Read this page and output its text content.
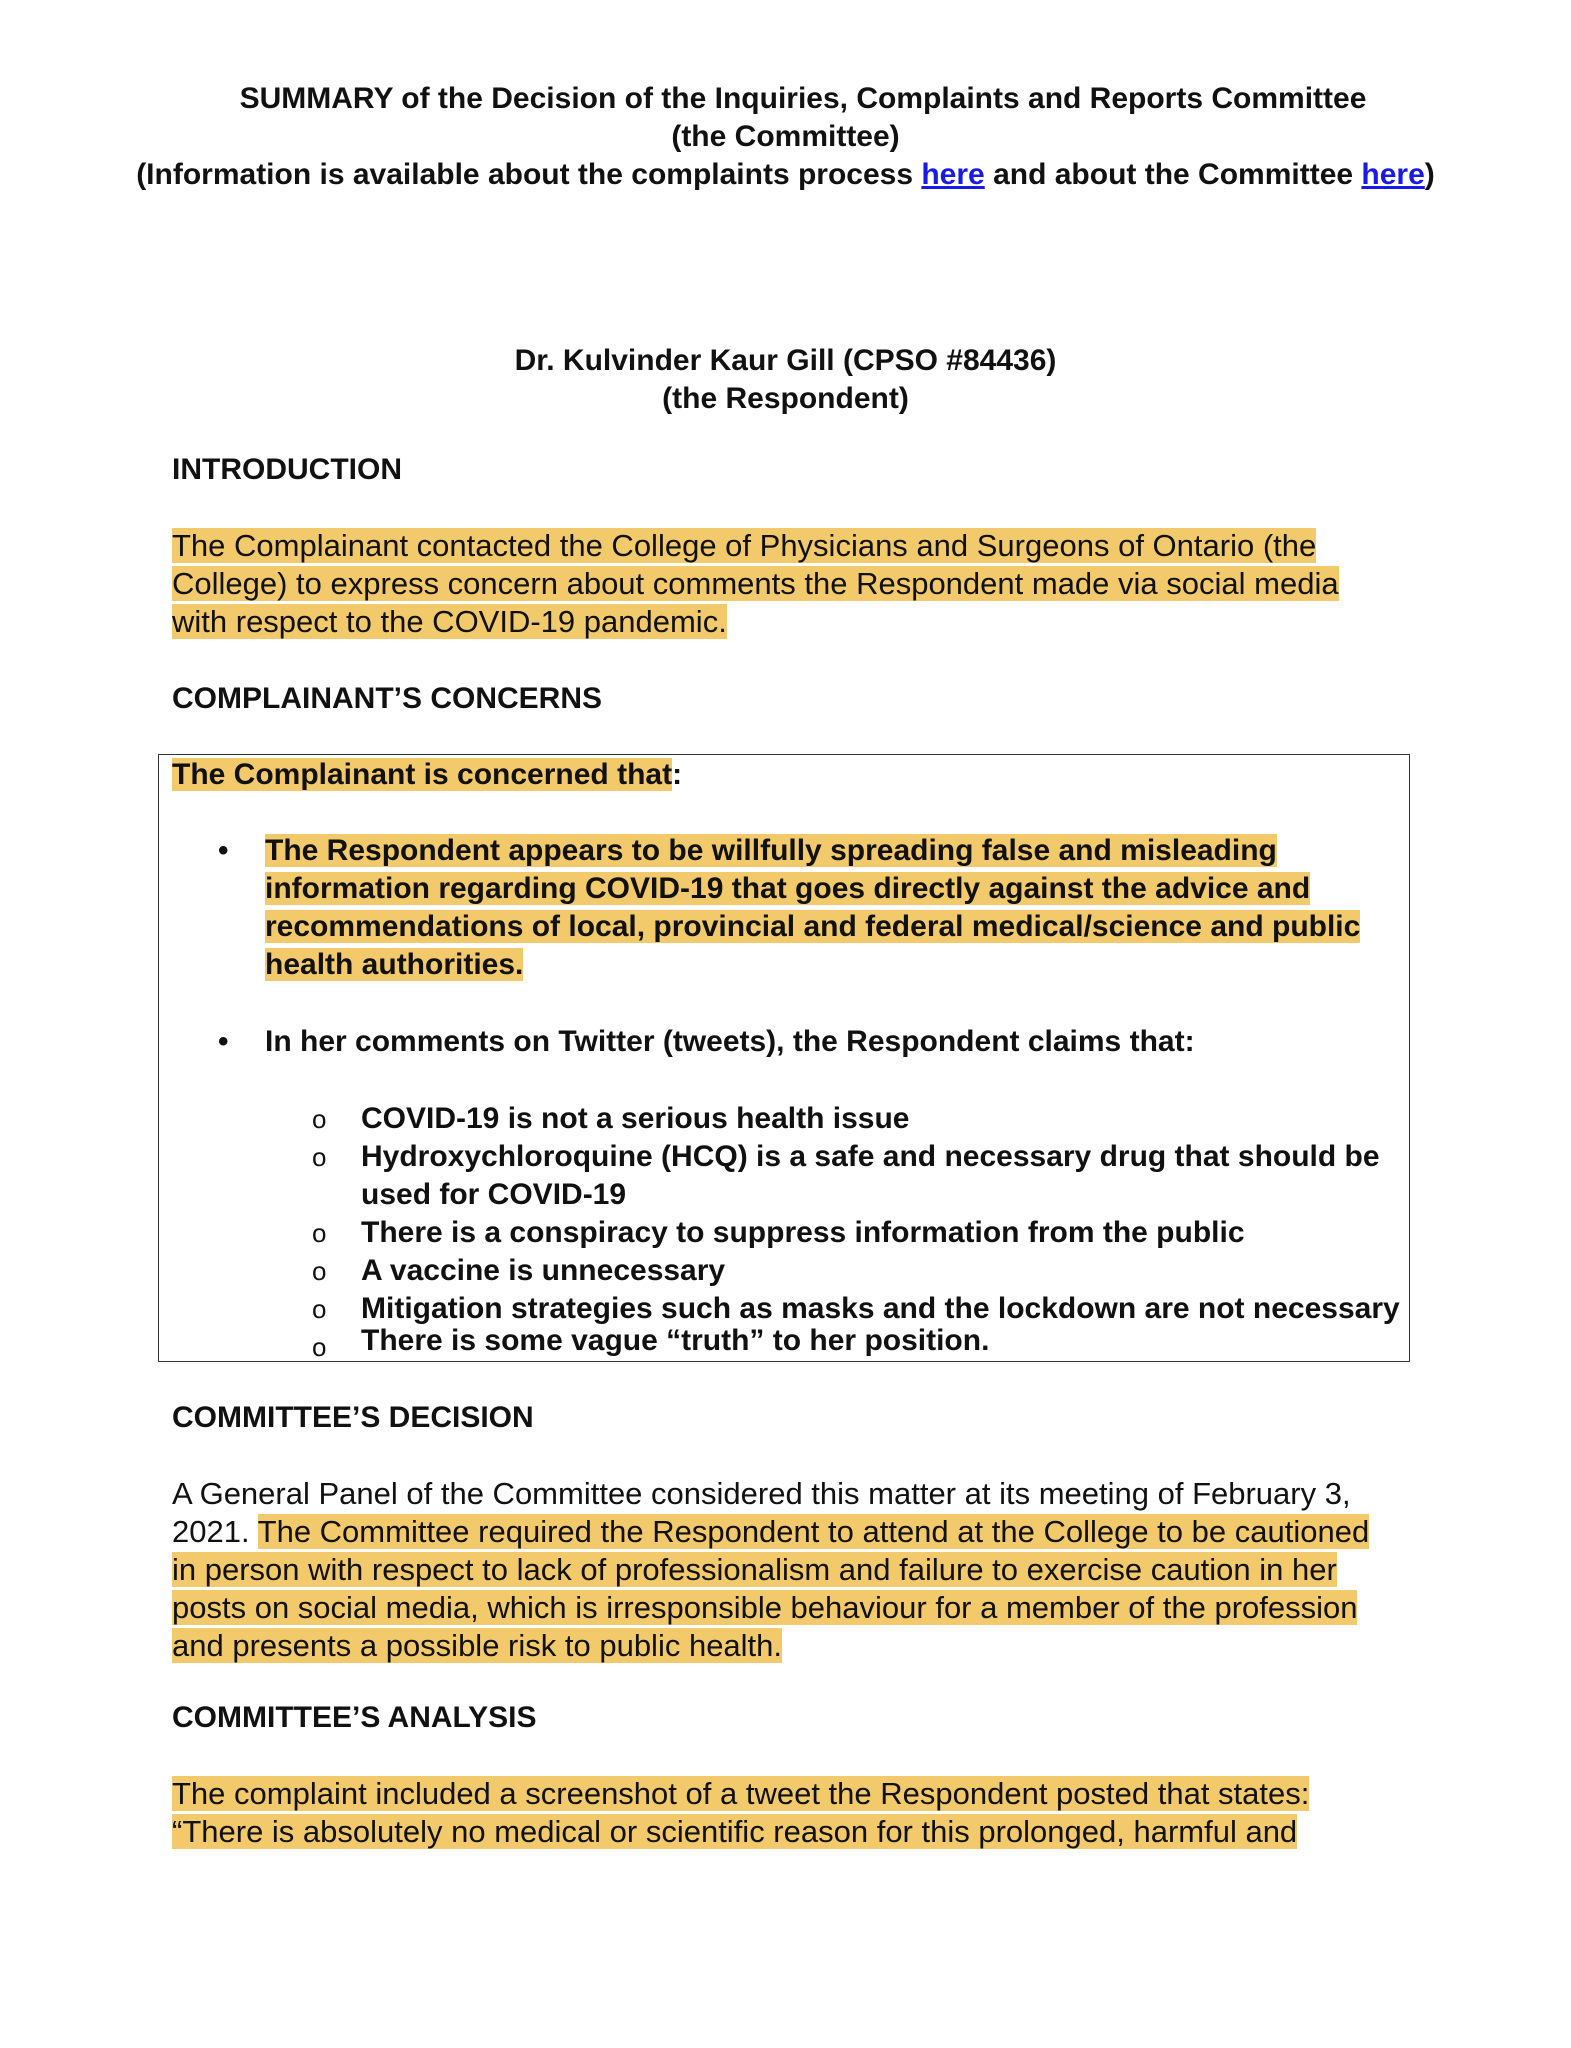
SUMMARY of the Decision of the Inquiries, Complaints and Reports Committee
(the Committee)
(Information is available about the complaints process here and about the Committee here)
Dr. Kulvinder Kaur Gill (CPSO #84436)
(the Respondent)
INTRODUCTION
The Complainant contacted the College of Physicians and Surgeons of Ontario (the
College) to express concern about comments the Respondent made via social media
with respect to the COVID-19 pandemic.
COMPLAINANT’S CONCERNS
The Complainant is concerned that:
• The Respondent appears to be willfully spreading false and misleading
information regarding COVID-19 that goes directly against the advice and
recommendations of local, provincial and federal medical/science and public
health authorities.
• In her comments on Twitter (tweets), the Respondent claims that:
o COVID-19 is not a serious health issue
o Hydroxychloroquine (HCQ) is a safe and necessary drug that should be
used for COVID-19
o There is a conspiracy to suppress information from the public
o A vaccine is unnecessary
o Mitigation strategies such as masks and the lockdown are not necessary
o There is some vague “truth” to her position.
COMMITTEE’S DECISION
A General Panel of the Committee considered this matter at its meeting of February 3,
2021. The Committee required the Respondent to attend at the College to be cautioned
in person with respect to lack of professionalism and failure to exercise caution in her
posts on social media, which is irresponsible behaviour for a member of the profession
and presents a possible risk to public health.
COMMITTEE’S ANALYSIS
The complaint included a screenshot of a tweet the Respondent posted that states:
“There is absolutely no medical or scientific reason for this prolonged, harmful and
